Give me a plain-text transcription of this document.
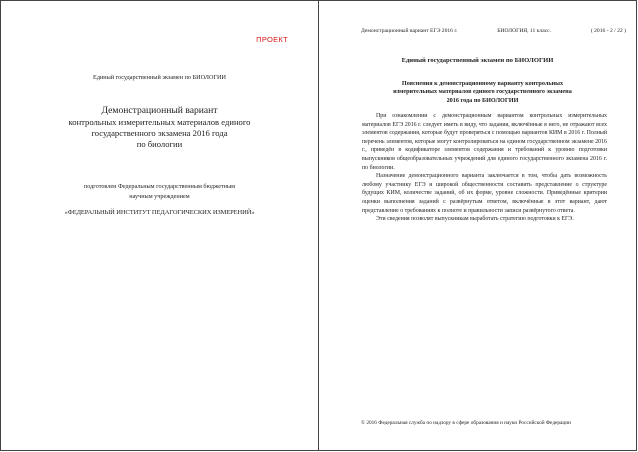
ПРОЕКТ
Единый государственный экзамен по БИОЛОГИИ
Демонстрационный вариант
контрольных измерительных материалов единого
государственного экзамена 2016 года
по биологии
подготовлен Федеральным государственным бюджетным
научным учреждением
«ФЕДЕРАЛЬНЫЙ ИНСТИТУТ ПЕДАГОГИЧЕСКИХ ИЗМЕРЕНИЙ»
Демонстрационный вариант ЕГЭ 2016 г.	БИОЛОГИЯ, 11 класс.	( 2016 - 2 / 22 )
Единый государственный экзамен по БИОЛОГИИ
Пояснения к демонстрационному варианту контрольных
измерительных материалов единого государственного экзамена
2016 года по БИОЛОГИИ

При ознакомлении с демонстрационным вариантом контрольных измерительных материалов ЕГЭ 2016 г. следует иметь в виду, что задания, включённые в него, не отражают всех элементов содержания, которые будут проверяться с помощью вариантов КИМ в 2016 г. Полный перечень элементов, которые могут контролироваться на едином государственном экзамене 2016 г., приведён в кодификаторе элементов содержания и требований к уровню подготовки выпускников общеобразовательных учреждений для единого государственного экзамена 2016 г. по биологии.

Назначение демонстрационного варианта заключается в том, чтобы дать возможность любому участнику ЕГЭ и широкой общественности составить представление о структуре будущих КИМ, количестве заданий, об их форме, уровне сложности. Приведённые критерии оценки выполнения заданий с развёрнутым ответом, включённые в этот вариант, дают представление о требованиях к полноте и правильности записи развёрнутого ответа.

Эти сведения позволят выпускникам выработать стратегию подготовки к ЕГЭ.

© 2016 Федеральная служба по надзору в сфере образования и науки Российской Федерации
